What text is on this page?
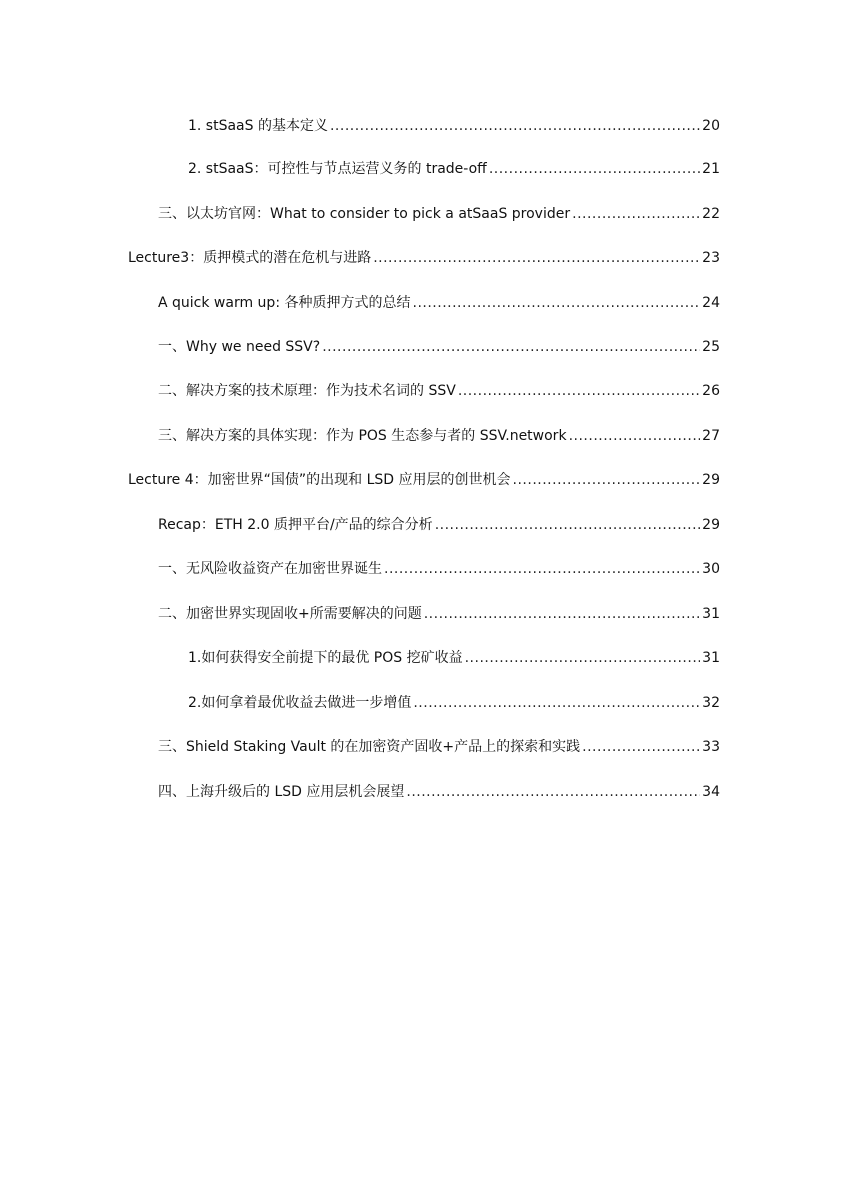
1. stSaaS 的基本定义 .....	20
2. stSaaS：可控性与节点运营义务的 trade-off .....	21
三、以太坊官网：What to consider to pick a atSaaS provider .....	22
Lecture3：质押模式的潜在危机与进路 .....	23
A quick warm up: 各种质押方式的总结 .....	24
一、Why we need SSV? .....	25
二、解决方案的技术原理：作为技术名词的 SSV .....	26
三、解决方案的具体实现：作为 POS 生态参与者的 SSV.network .....	27
Lecture 4：加密世界“国债”的出现和 LSD 应用层的创世机会 .....	29
Recap：ETH 2.0 质押平台/产品的综合分析 .....	29
一、无风险收益资产在加密世界诞生 .....	30
二、加密世界实现固收+所需要解决的问题 .....	31
1.如何获得安全前提下的最优 POS 挖矿收益 .....	31
2.如何拿着最优收益去做进一步增值 .....	32
三、Shield Staking Vault 的在加密资产固收+产品上的探索和实践 .....	33
四、上海升级后的 LSD 应用层机会展望 .....	34
